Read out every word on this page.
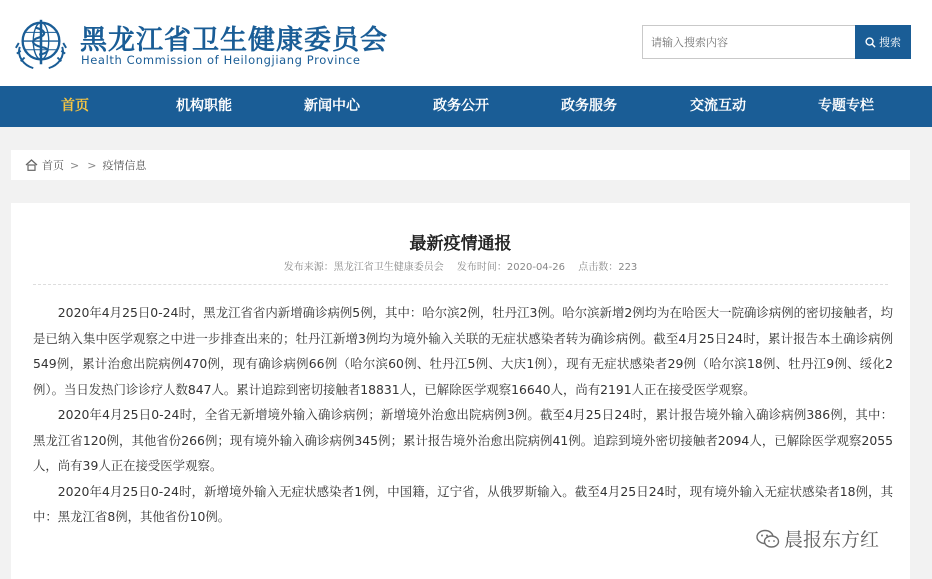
黑龙江省卫生健康委员会
Health Commission of Heilongjiang Province
请输入搜索内容
搜索
首页	机构职能	新闻中心	政务公开	政务服务	交流互动	专题专栏
首页 > > 疫情信息
最新疫情通报
发布来源：黑龙江省卫生健康委员会 发布时间：2020-04-26 点击数：223

2020年4月25日0-24时，黑龙江省省内新增确诊病例5例，其中：哈尔滨2例，牡丹江3例。哈尔滨新增2例均为在哈医大一院确诊病例的密切接触者，均是已纳入集中医学观察之中进一步排查出来的；牡丹江新增3例均为境外输入关联的无症状感染者转为确诊病例。截至4月25日24时，累计报告本土确诊病例549例，累计治愈出院病例470例，现有确诊病例66例（哈尔滨60例、牡丹江5例、大庆1例），现有无症状感染者29例（哈尔滨18例、牡丹江9例、绥化2例）。当日发热门诊诊疗人数847人。累计追踪到密切接触者18831人，已解除医学观察16640人，尚有2191人正在接受医学观察。

2020年4月25日0-24时，全省无新增境外输入确诊病例；新增境外治愈出院病例3例。截至4月25日24时，累计报告境外输入确诊病例386例，其中：黑龙江省120例，其他省份266例；现有境外输入确诊病例345例；累计报告境外治愈出院病例41例。追踪到境外密切接触者2094人，已解除医学观察2055人，尚有39人正在接受医学观察。

2020年4月25日0-24时，新增境外输入无症状感染者1例，中国籍，辽宁省，从俄罗斯输入。截至4月25日24时，现有境外输入无症状感染者18例，其中：黑龙江省8例，其他省份10例。

晨报东方红
